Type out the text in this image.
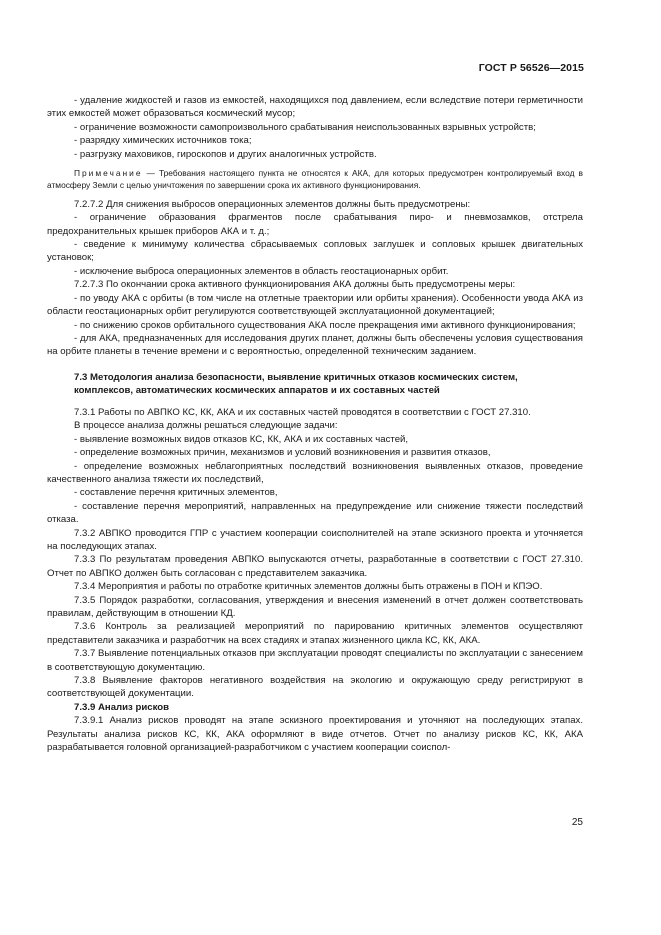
ГОСТ Р 56526—2015

- удаление жидкостей и газов из емкостей, находящихся под давлением, если вследствие потери герметичности этих емкостей может образоваться космический мусор;

- ограничение возможности самопроизвольного срабатывания неиспользованных взрывных устройств;

- разрядку химических источников тока;

- разгрузку маховиков, гироскопов и других аналогичных устройств.

Примечание — Требования настоящего пункта не относятся к АКА, для которых предусмотрен контролируемый вход в атмосферу Земли с целью уничтожения по завершении срока их активного функционирования.

7.2.7.2 Для снижения выбросов операционных элементов должны быть предусмотрены:

- ограничение образования фрагментов после срабатывания пиро- и пневмозамков, отстрела предохранительных крышек приборов АКА и т. д.;

- сведение к минимуму количества сбрасываемых сопловых заглушек и сопловых крышек двигательных установок;

- исключение выброса операционных элементов в область геостационарных орбит.

7.2.7.3 По окончании срока активного функционирования АКА должны быть предусмотрены меры:

- по уводу АКА с орбиты (в том числе на отлетные траектории или орбиты хранения). Особенности увода АКА из области геостационарных орбит регулируются соответствующей эксплуатационной документацией;

- по снижению сроков орбитального существования АКА после прекращения ими активного функционирования;

- для АКА, предназначенных для исследования других планет, должны быть обеспечены условия существования на орбите планеты в течение времени и с вероятностью, определенной техническим заданием.

7.3 Методология анализа безопасности, выявление критичных отказов космических систем, комплексов, автоматических космических аппаратов и их составных частей

7.3.1 Работы по АВПКО КС, КК, АКА и их составных частей проводятся в соответствии с ГОСТ 27.310.

В процессе анализа должны решаться следующие задачи:

- выявление возможных видов отказов КС, КК, АКА и их составных частей,

- определение возможных причин, механизмов и условий возникновения и развития отказов,

- определение возможных неблагоприятных последствий возникновения выявленных отказов, проведение качественного анализа тяжести их последствий,

- составление перечня критичных элементов,

- составление перечня мероприятий, направленных на предупреждение или снижение тяжести последствий отказа.

7.3.2 АВПКО проводится ГПР с участием кооперации соисполнителей на этапе эскизного проекта и уточняется на последующих этапах.

7.3.3 По результатам проведения АВПКО выпускаются отчеты, разработанные в соответствии с ГОСТ 27.310. Отчет по АВПКО должен быть согласован с представителем заказчика.

7.3.4 Мероприятия и работы по отработке критичных элементов должны быть отражены в ПОН и КПЭО.

7.3.5 Порядок разработки, согласования, утверждения и внесения изменений в отчет должен соответствовать правилам, действующим в отношении КД.

7.3.6 Контроль за реализацией мероприятий по парированию критичных элементов осуществляют представители заказчика и разработчик на всех стадиях и этапах жизненного цикла КС, КК, АКА.

7.3.7 Выявление потенциальных отказов при эксплуатации проводят специалисты по эксплуатации с занесением в соответствующую документацию.

7.3.8 Выявление факторов негативного воздействия на экологию и окружающую среду регистрируют в соответствующей документации.

7.3.9 Анализ рисков

7.3.9.1 Анализ рисков проводят на этапе эскизного проектирования и уточняют на последующих этапах. Результаты анализа рисков КС, КК, АКА оформляют в виде отчетов. Отчет по анализу рисков КС, КК, АКА разрабатывается головной организацией-разработчиком с участием кооперации соиспол-

25
